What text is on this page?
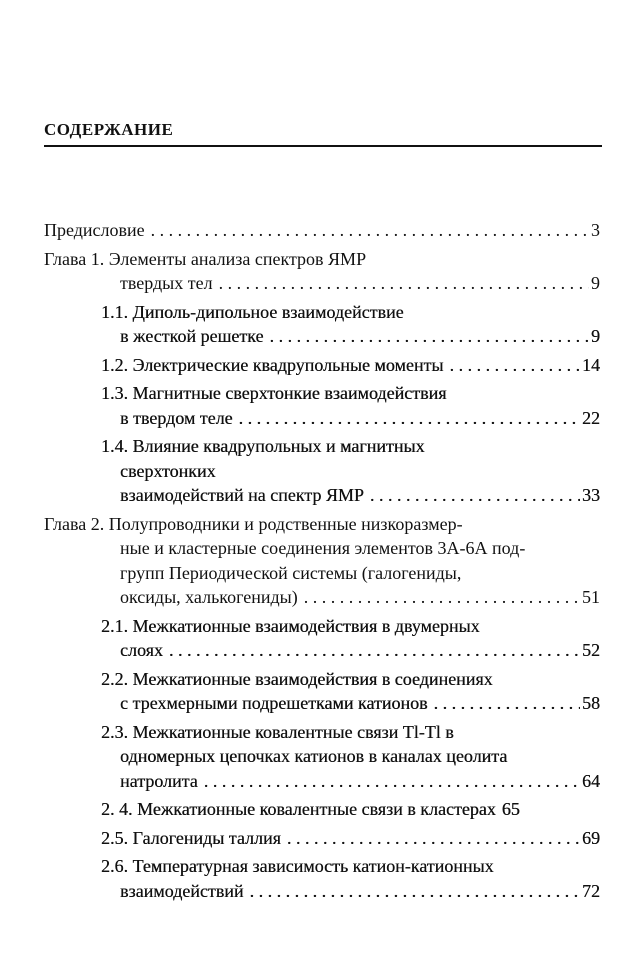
СОДЕРЖАНИЕ
Предисловие . . .	3
Глава 1. Элементы анализа спектров ЯМР
твердых тел . . .	9
1.1. Диполь-дипольное взаимодействие
в жесткой решетке . . .	9
1.2. Электрические квадрупольные моменты . . .	14
1.3. Магнитные сверхтонкие взаимодействия
в твердом теле . . .	22
1.4. Влияние квадрупольных и магнитных
сверхтонких
взаимодействий на спектр ЯМР . . .	33
Глава 2. Полупроводники и родственные низкоразмер-
ные и кластерные соединения элементов 3А-6А под-
групп Периодической системы (галогениды,
оксиды, халькогениды) . . .	51
2.1. Межкатионные взаимодействия в двумерных
слоях . . .	52
2.2. Межкатионные взаимодействия в соединениях
с трехмерными подрешетками катионов . . .	58
2.3. Межкатионные ковалентные связи Tl-Tl в
одномерных цепочках катионов в каналах цеолита
натролита . . .	64
2. 4. Межкатионные ковалентные связи в кластерах 65
2.5. Галогениды таллия . . .	69
2.6. Температурная зависимость катион-катионных
взаимодействий . . .	72
